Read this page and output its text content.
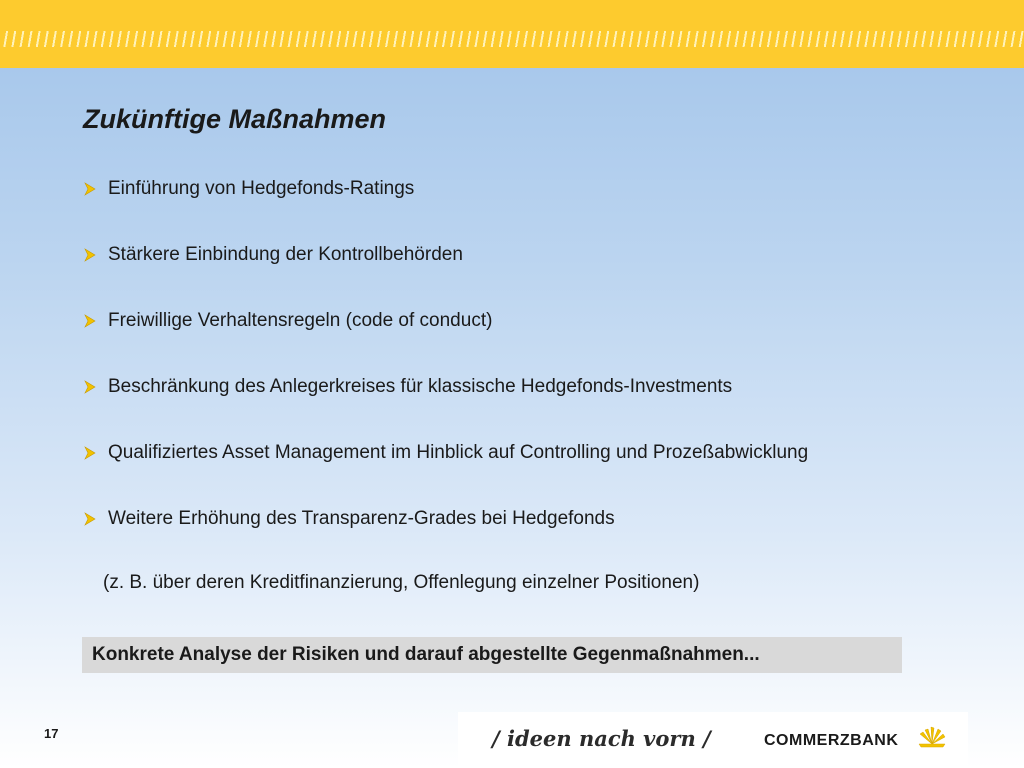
Zukünftige Maßnahmen
Einführung von Hedgefonds-Ratings
Stärkere Einbindung der Kontrollbehörden
Freiwillige Verhaltensregeln (code of conduct)
Beschränkung des Anlegerkreises für klassische Hedgefonds-Investments
Qualifiziertes Asset Management im Hinblick auf Controlling und Prozeßabwicklung
Weitere Erhöhung des Transparenz-Grades bei Hedgefonds
(z. B. über deren Kreditfinanzierung, Offenlegung einzelner Positionen)
Konkrete Analyse der Risiken und darauf abgestellte Gegenmaßnahmen...
17	/ ideen nach vorn /	COMMERZBANK
